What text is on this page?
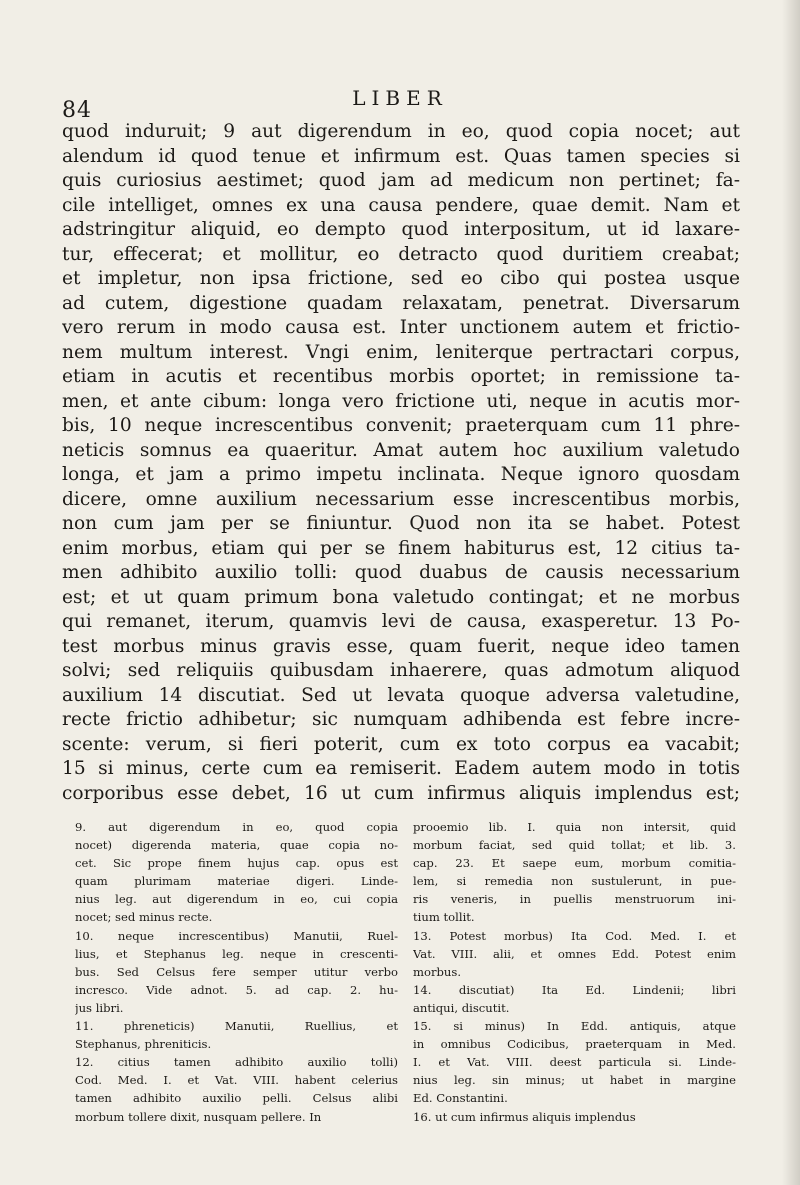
84	LIBER
quod induruit; 9 aut digerendum in eo, quod copia nocet; aut
alendum id quod tenue et infirmum est. Quas tamen species si
quis curiosius aestimet; quod jam ad medicum non pertinet; fa-
cile intelliget, omnes ex una causa pendere, quae demit. Nam et
adstringitur aliquid, eo dempto quod interpositum, ut id laxare-
tur, effecerat; et mollitur, eo detracto quod duritiem creabat;
et impletur, non ipsa frictione, sed eo cibo qui postea usque
ad cutem, digestione quadam relaxatam, penetrat. Diversarum
vero rerum in modo causa est. Inter unctionem autem et frictio-
nem multum interest. Vngi enim, leniterque pertractari corpus,
etiam in acutis et recentibus morbis oportet; in remissione ta-
men, et ante cibum: longa vero frictione uti, neque in acutis mor-
bis, 10 neque increscentibus convenit; praeterquam cum 11 phre-
neticis somnus ea quaeritur. Amat autem hoc auxilium valetudo
longa, et jam a primo impetu inclinata. Neque ignoro quosdam
dicere, omne auxilium necessarium esse increscentibus morbis,
non cum jam per se finiuntur. Quod non ita se habet. Potest
enim morbus, etiam qui per se finem habiturus est, 12 citius ta-
men adhibito auxilio tolli: quod duabus de causis necessarium
est; et ut quam primum bona valetudo contingat; et ne morbus
qui remanet, iterum, quamvis levi de causa, exasperetur. 13 Po-
test morbus minus gravis esse, quam fuerit, neque ideo tamen
solvi; sed reliquiis quibusdam inhaerere, quas admotum aliquod
auxilium 14 discutiat. Sed ut levata quoque adversa valetudine,
recte frictio adhibetur; sic numquam adhibenda est febre incre-
scente: verum, si fieri poterit, cum ex toto corpus ea vacabit;
15 si minus, certe cum ea remiserit. Eadem autem modo in totis
corporibus esse debet, 16 ut cum infirmus aliquis implendus est;
9. aut digerendum in eo, quod copia
nocet) digerenda materia, quae copia no-
cet. Sic prope finem hujus cap. opus est
quam plurimam materiae digeri. Linde-
nius leg. aut digerendum in eo, cui copia
nocet; sed minus recte.
10. neque increscentibus) Manutii, Ruel-
lius, et Stephanus leg. neque in crescenti-
bus. Sed Celsus fere semper utitur verbo
incresco. Vide adnot. 5. ad cap. 2. hu-
jus libri.
11. phreneticis) Manutii, Ruellius, et
Stephanus, phreniticis.
12. citius tamen adhibito auxilio tolli)
Cod. Med. I. et Vat. VIII. habent celerius
tamen adhibito auxilio pelli. Celsus alibi
morbum tollere dixit, nusquam pellere. In
prooemio lib. I. quia non intersit, quid
morbum faciat, sed quid tollat; et lib. 3.
cap. 23. Et saepe eum, morbum comitia-
lem, si remedia non sustulerunt, in pue-
ris veneris, in puellis menstruorum ini-
tium tollit.
13. Potest morbus) Ita Cod. Med. I. et
Vat. VIII. alii, et omnes Edd. Potest enim
morbus.
14. discutiat) Ita Ed. Lindenii; libri
antiqui, discutit.
15. si minus) In Edd. antiquis, atque
in omnibus Codicibus, praeterquam in Med.
I. et Vat. VIII. deest particula si. Linde-
nius leg. sin minus; ut habet in margine
Ed. Constantini.
16. ut cum infirmus aliquis implendus
